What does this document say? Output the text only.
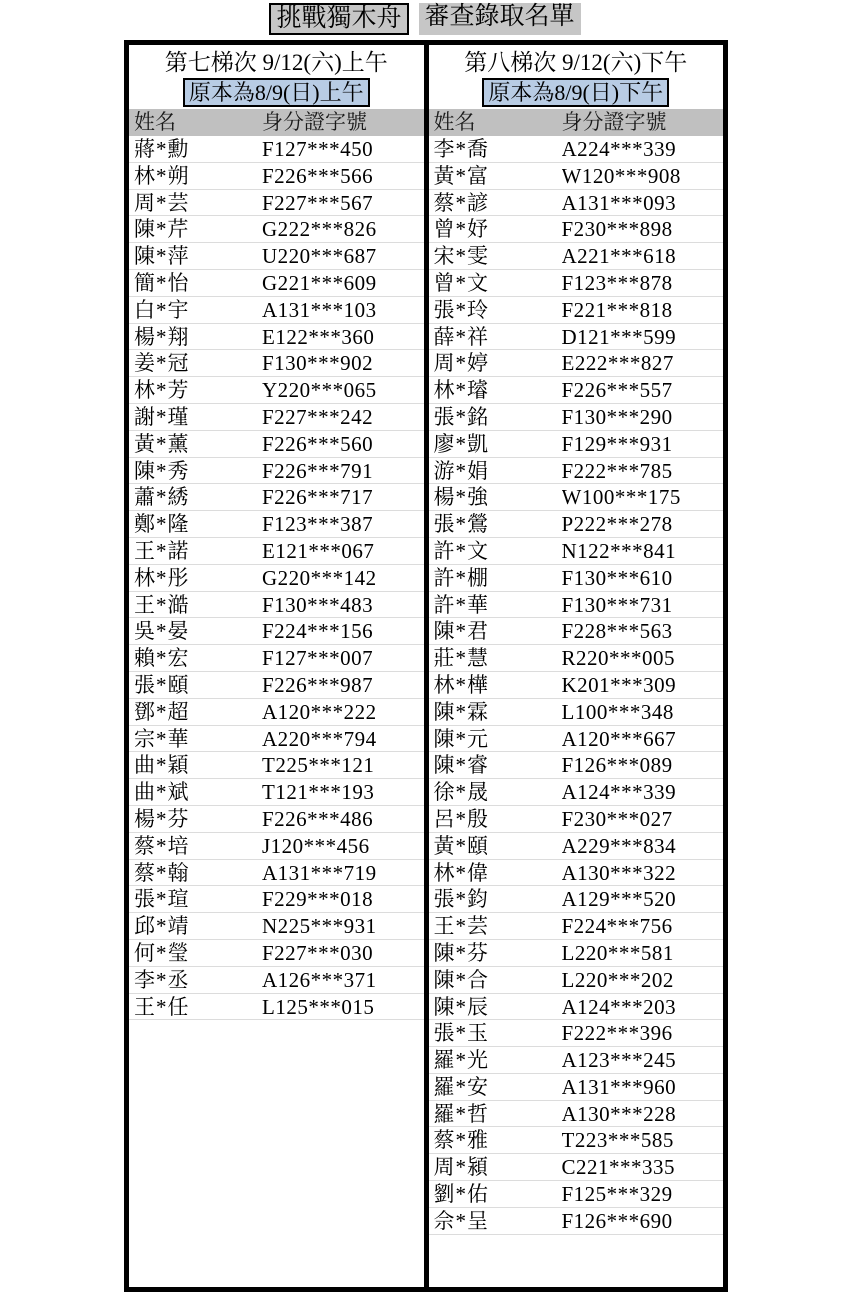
挑戰獨木舟 審查錄取名單
第七梯次 9/12(六)上午
原本為8/9(日)上午
姓名	身分證字號
蔣*勳	F127***450
林*朔	F226***566
周*芸	F227***567
陳*芹	G222***826
陳*萍	U220***687
簡*怡	G221***609
白*宇	A131***103
楊*翔	E122***360
姜*冠	F130***902
林*芳	Y220***065
謝*瑾	F227***242
黃*薰	F226***560
陳*秀	F226***791
蕭*綉	F226***717
鄭*隆	F123***387
王*諾	E121***067
林*彤	G220***142
王*澔	F130***483
吳*晏	F224***156
賴*宏	F127***007
張*頤	F226***987
鄧*超	A120***222
宗*華	A220***794
曲*穎	T225***121
曲*斌	T121***193
楊*芬	F226***486
蔡*培	J120***456
蔡*翰	A131***719
張*瑄	F229***018
邱*靖	N225***931
何*瑩	F227***030
李*丞	A126***371
王*任	L125***015
第八梯次 9/12(六)下午
原本為8/9(日)下午
姓名	身分證字號
李*喬	A224***339
黃*富	W120***908
蔡*諺	A131***093
曾*妤	F230***898
宋*雯	A221***618
曾*文	F123***878
張*玲	F221***818
薛*祥	D121***599
周*婷	E222***827
林*璿	F226***557
張*銘	F130***290
廖*凱	F129***931
游*娟	F222***785
楊*強	W100***175
張*鶯	P222***278
許*文	N122***841
許*棚	F130***610
許*華	F130***731
陳*君	F228***563
莊*慧	R220***005
林*樺	K201***309
陳*霖	L100***348
陳*元	A120***667
陳*睿	F126***089
徐*晟	A124***339
呂*殷	F230***027
黃*頤	A229***834
林*偉	A130***322
張*鈞	A129***520
王*芸	F224***756
陳*芬	L220***581
陳*合	L220***202
陳*辰	A124***203
張*玉	F222***396
羅*光	A123***245
羅*安	A131***960
羅*哲	A130***228
蔡*雅	T223***585
周*潁	C221***335
劉*佑	F125***329
佘*呈	F126***690
